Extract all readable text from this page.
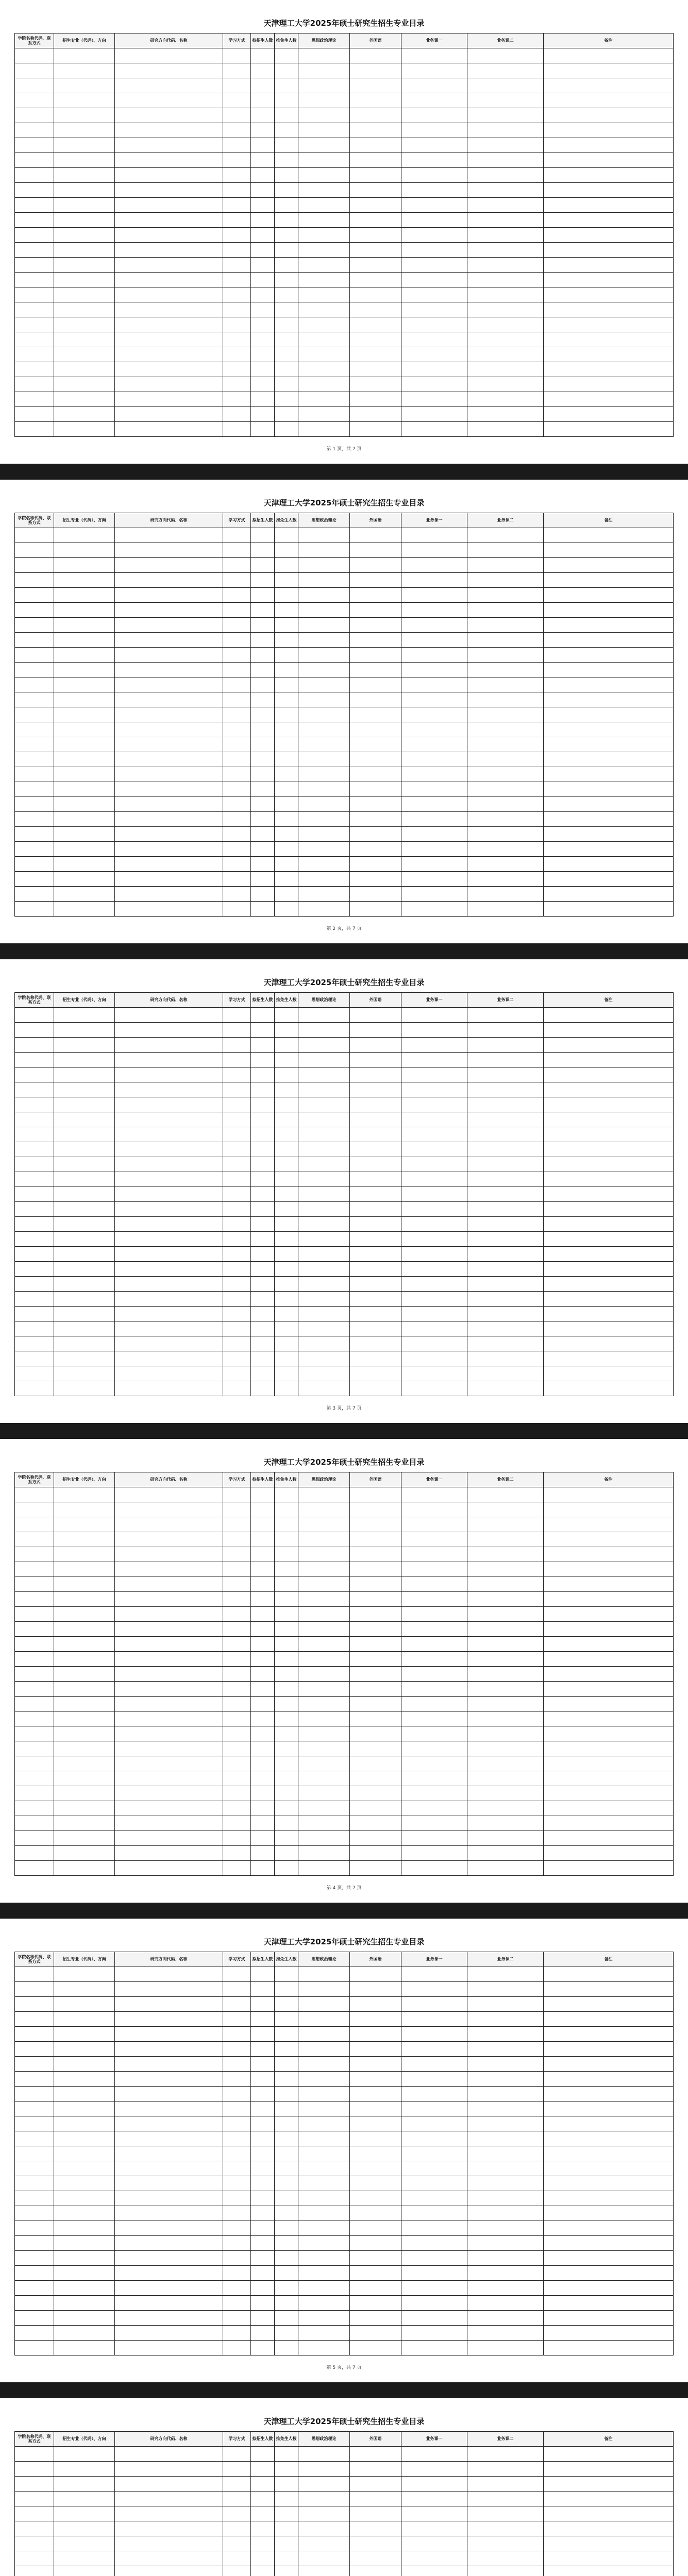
天津理工大学2025年硕士研究生招生专业目录
学院名称代码、联系方式	招生专业（代码）、方向	研究方向代码、名称	学习方式	拟招生人数	推免生人数	思想政治理论	外国语	业务课一	业务课二	备注

第 1 页，共 7 页
天津理工大学2025年硕士研究生招生专业目录
学院名称代码、联系方式	招生专业（代码）、方向	研究方向代码、名称	学习方式	拟招生人数	推免生人数	思想政治理论	外国语	业务课一	业务课二	备注

第 2 页，共 7 页
天津理工大学2025年硕士研究生招生专业目录
学院名称代码、联系方式	招生专业（代码）、方向	研究方向代码、名称	学习方式	拟招生人数	推免生人数	思想政治理论	外国语	业务课一	业务课二	备注

第 3 页，共 7 页
天津理工大学2025年硕士研究生招生专业目录
学院名称代码、联系方式	招生专业（代码）、方向	研究方向代码、名称	学习方式	拟招生人数	推免生人数	思想政治理论	外国语	业务课一	业务课二	备注

第 4 页，共 7 页
天津理工大学2025年硕士研究生招生专业目录
学院名称代码、联系方式	招生专业（代码）、方向	研究方向代码、名称	学习方式	拟招生人数	推免生人数	思想政治理论	外国语	业务课一	业务课二	备注

第 5 页，共 7 页
天津理工大学2025年硕士研究生招生专业目录
学院名称代码、联系方式	招生专业（代码）、方向	研究方向代码、名称	学习方式	拟招生人数	推免生人数	思想政治理论	外国语	业务课一	业务课二	备注
